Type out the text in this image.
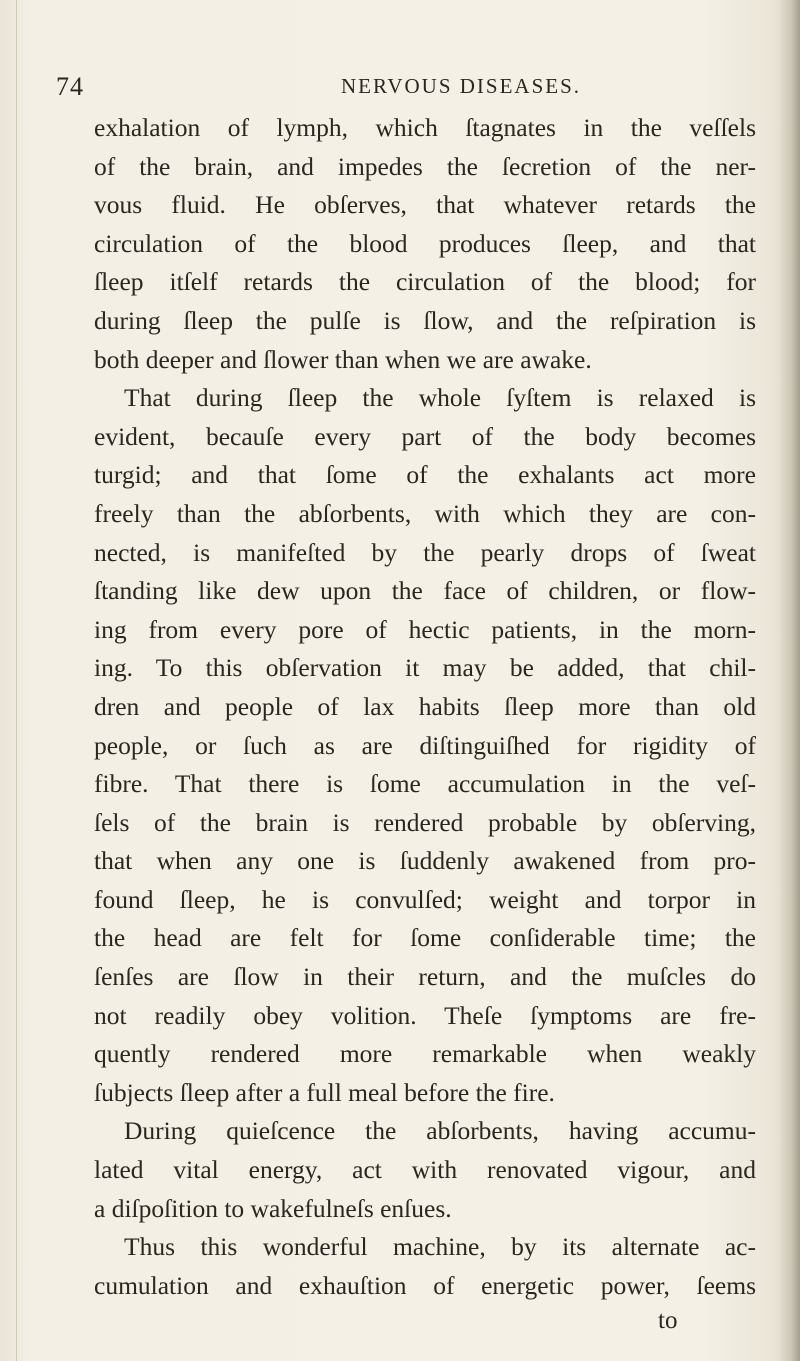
74	NERVOUS DISEASES.
exhalation of lymph, which ſtagnates in the veſſels
of the brain, and impedes the ſecretion of the ner-
vous fluid. He obſerves, that whatever retards the
circulation of the blood produces ſleep, and that
ſleep itſelf retards the circulation of the blood; for
during ſleep the pulſe is ſlow, and the reſpiration is
both deeper and ſlower than when we are awake.
That during ſleep the whole ſyſtem is relaxed is
evident, becauſe every part of the body becomes
turgid; and that ſome of the exhalants act more
freely than the abſorbents, with which they are con-
nected, is manifeſted by the pearly drops of ſweat
ſtanding like dew upon the face of children, or flow-
ing from every pore of hectic patients, in the morn-
ing. To this obſervation it may be added, that chil-
dren and people of lax habits ſleep more than old
people, or ſuch as are diſtinguiſhed for rigidity of
fibre. That there is ſome accumulation in the veſ-
ſels of the brain is rendered probable by obſerving,
that when any one is ſuddenly awakened from pro-
found ſleep, he is convulſed; weight and torpor in
the head are felt for ſome conſiderable time; the
ſenſes are ſlow in their return, and the muſcles do
not readily obey volition. Theſe ſymptoms are fre-
quently rendered more remarkable when weakly
ſubjects ſleep after a full meal before the fire.
During quieſcence the abſorbents, having accumu-
lated vital energy, act with renovated vigour, and
a diſpoſition to wakefulneſs enſues.
Thus this wonderful machine, by its alternate ac-
cumulation and exhauſtion of energetic power, ſeems
to
